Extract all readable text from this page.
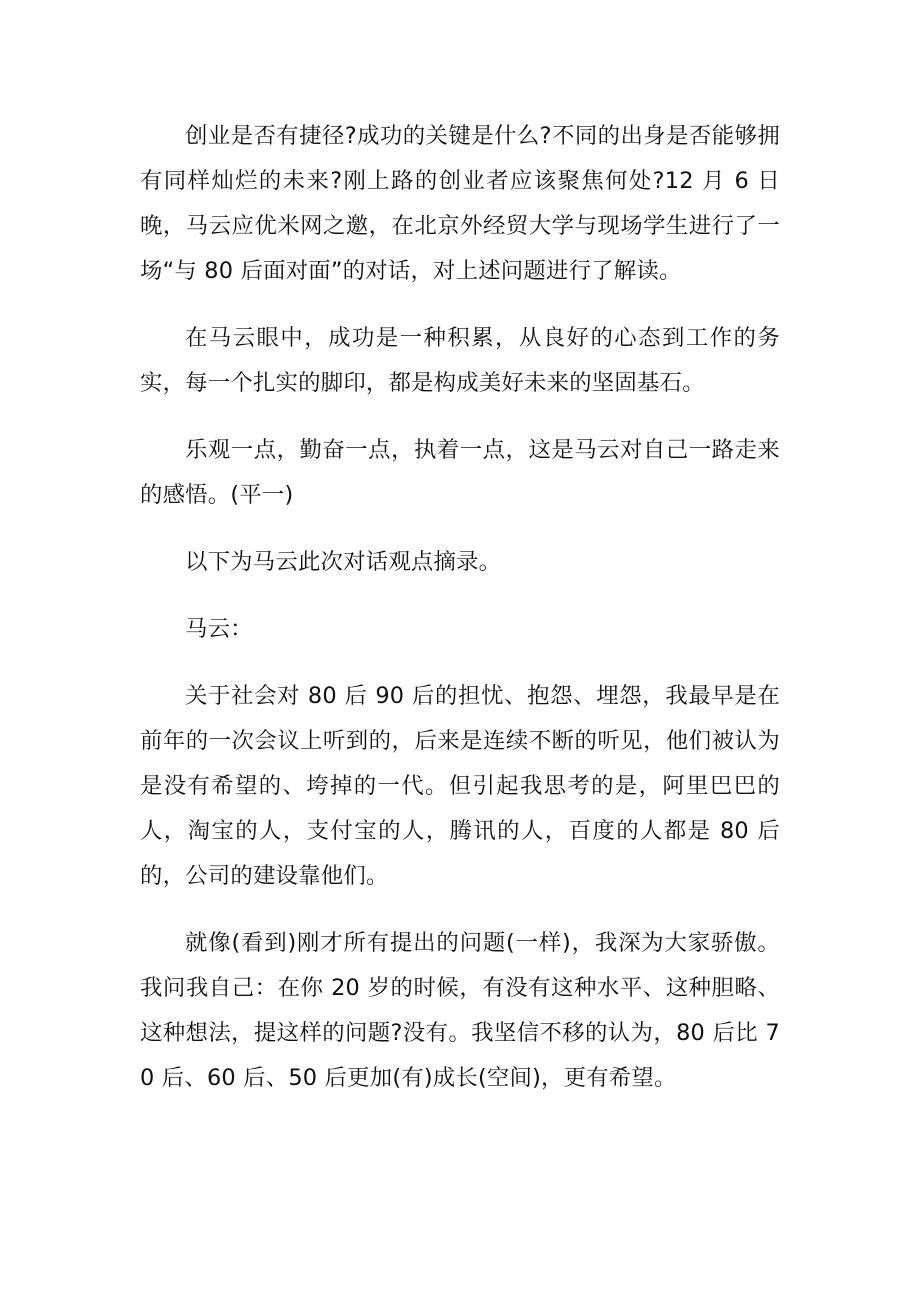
创业是否有捷径?成功的关键是什么?不同的出身是否能够拥有同样灿烂的未来?刚上路的创业者应该聚焦何处?12 月 6 日晚，马云应优米网之邀，在北京外经贸大学与现场学生进行了一场“与 80 后面对面”的对话，对上述问题进行了解读。

在马云眼中，成功是一种积累，从良好的心态到工作的务实，每一个扎实的脚印，都是构成美好未来的坚固基石。

乐观一点，勤奋一点，执着一点，这是马云对自己一路走来的感悟。(平一)

以下为马云此次对话观点摘录。

马云：

关于社会对 80 后 90 后的担忧、抱怨、埋怨，我最早是在前年的一次会议上听到的，后来是连续不断的听见，他们被认为是没有希望的、垮掉的一代。但引起我思考的是，阿里巴巴的人，淘宝的人，支付宝的人，腾讯的人，百度的人都是 80 后的，公司的建设靠他们。

就像(看到)刚才所有提出的问题(一样)，我深为大家骄傲。我问我自己：在你 20 岁的时候，有没有这种水平、这种胆略、这种想法，提这样的问题?没有。我坚信不移的认为，80 后比 70 后、60 后、50 后更加(有)成长(空间)，更有希望。
